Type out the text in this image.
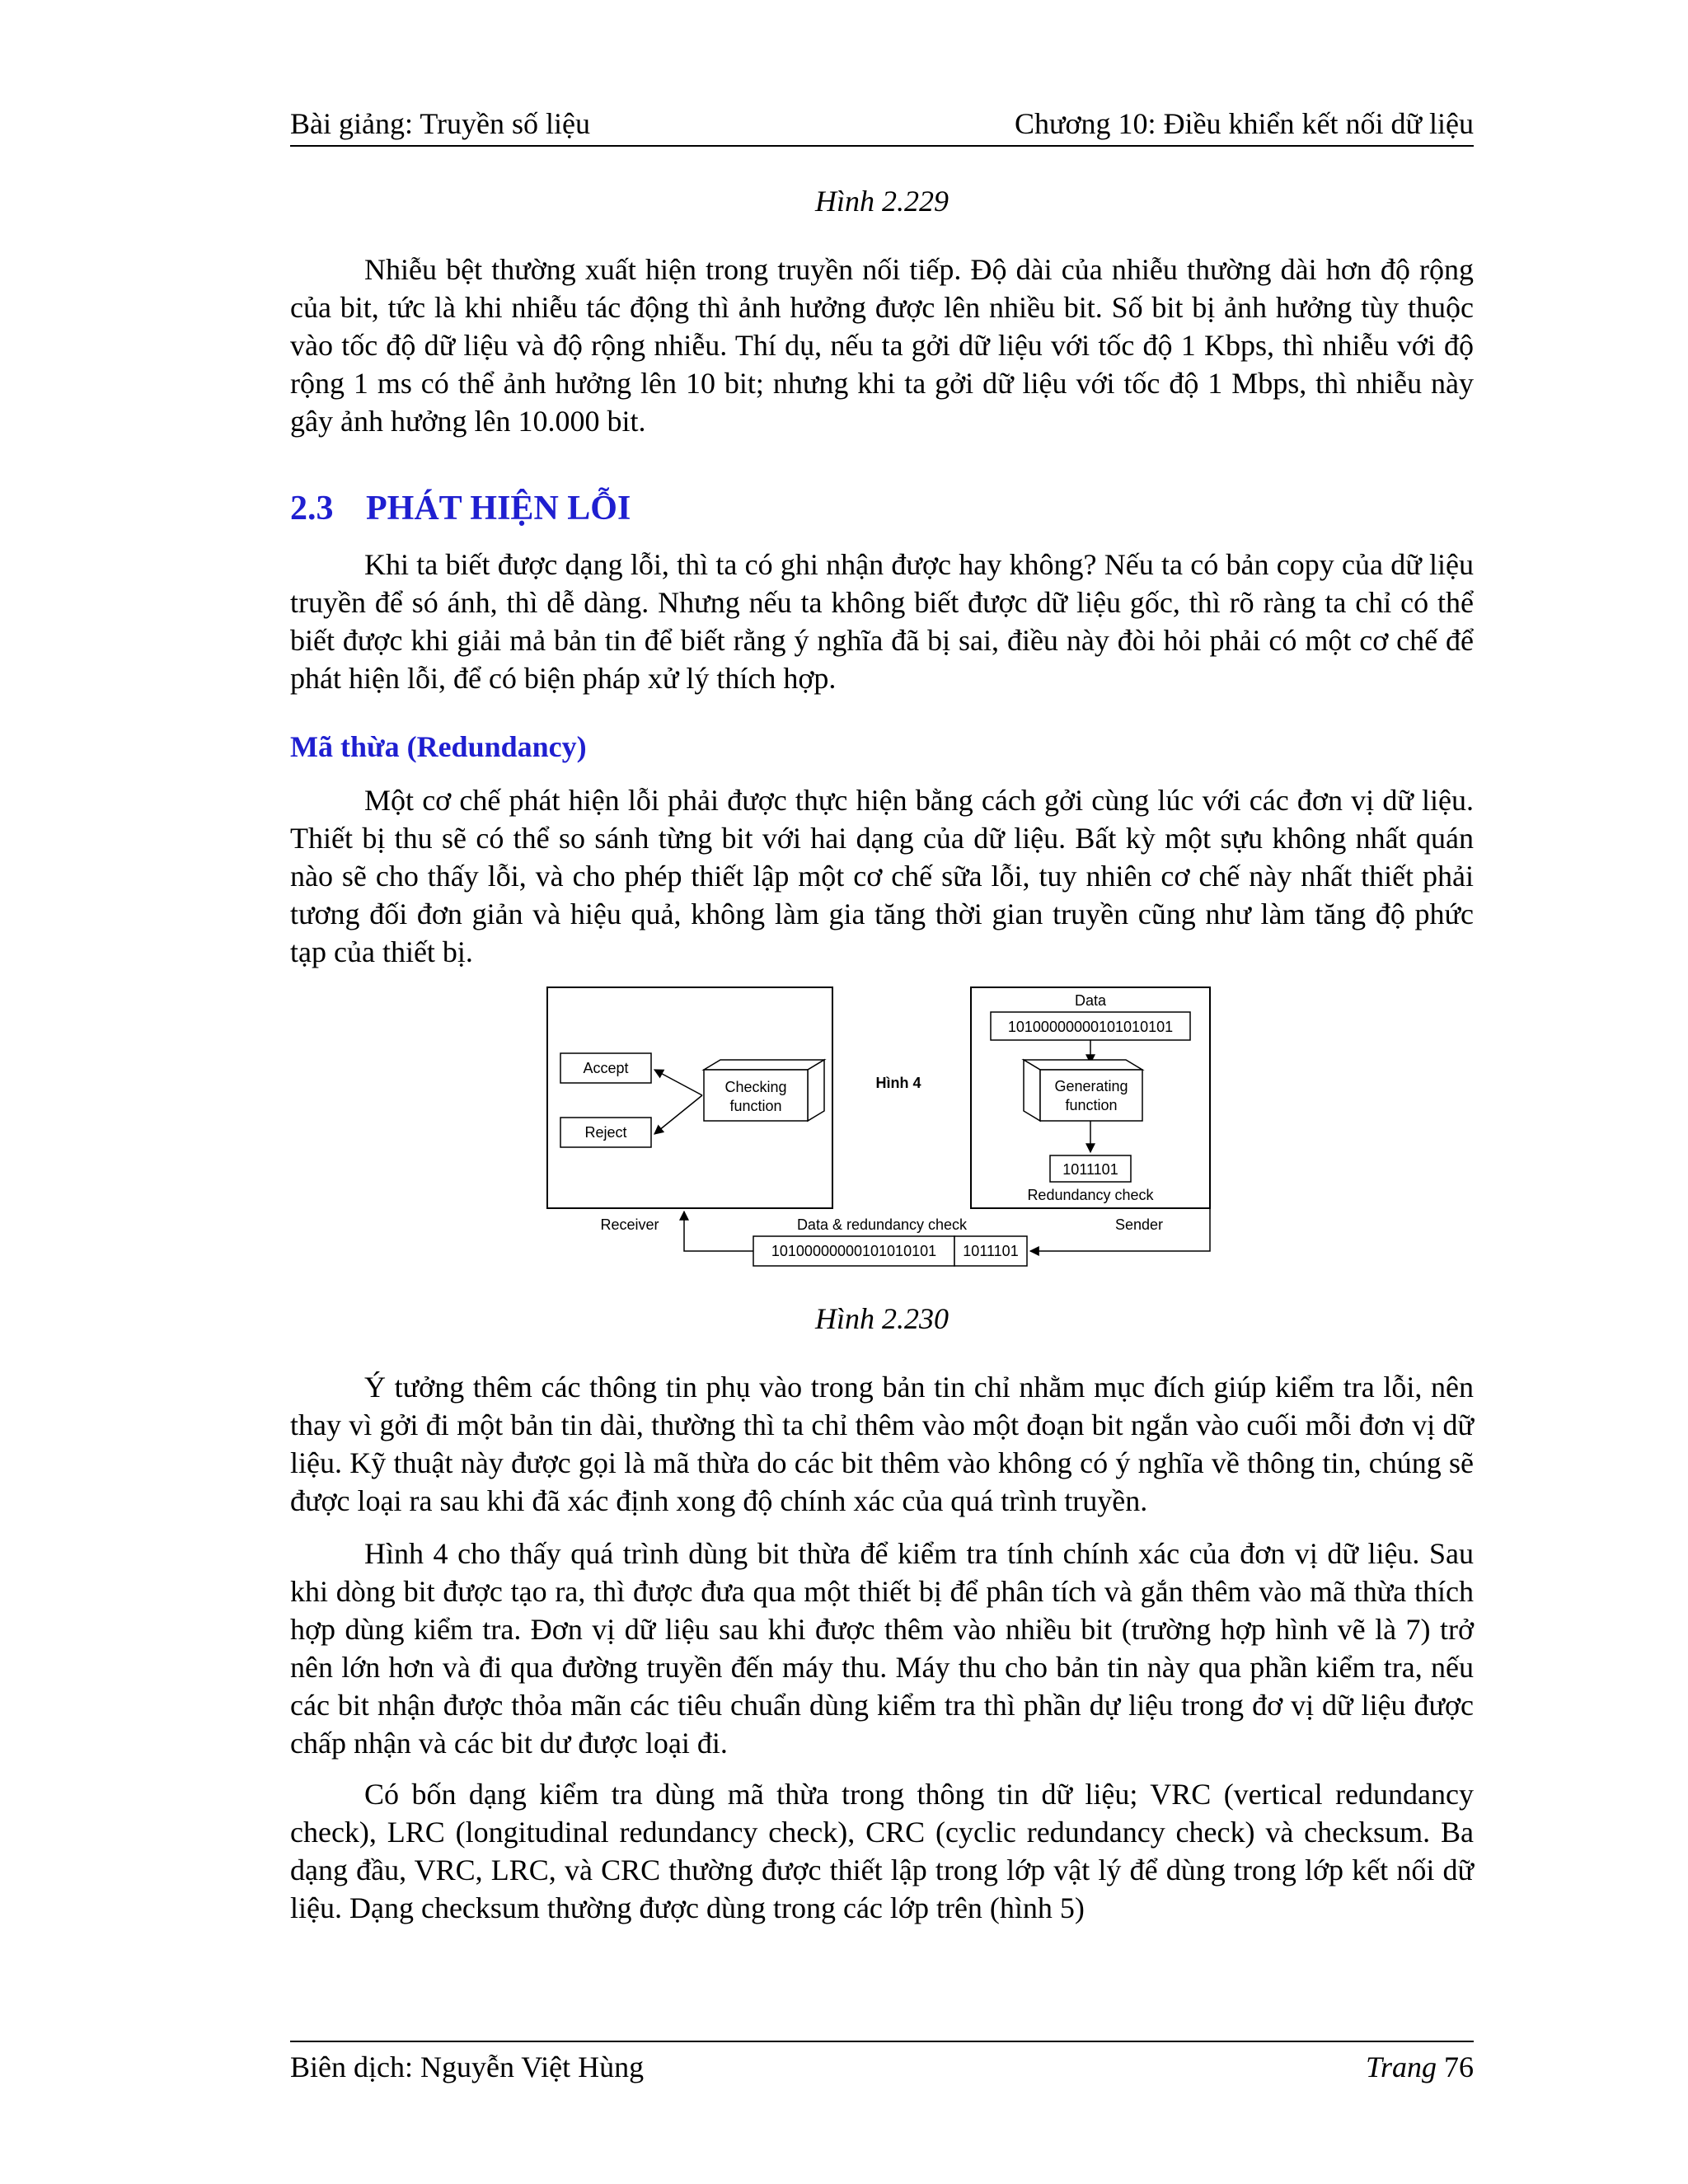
Bài giảng: Truyền số liệu	Chương 10: Điều khiển kết nối dữ liệu
Hình 2.229

Nhiễu bệt thường xuất hiện trong truyền nối tiếp. Độ dài của nhiễu thường dài hơn độ rộng của bit, tức là khi nhiễu tác động thì ảnh hưởng được lên nhiều bit. Số bit bị ảnh hưởng tùy thuộc vào tốc độ dữ liệu và độ rộng nhiễu. Thí dụ, nếu ta gởi dữ liệu với tốc độ 1 Kbps, thì nhiễu với độ rộng 1 ms có thể ảnh hưởng lên 10 bit; nhưng khi ta gởi dữ liệu với tốc độ 1 Mbps, thì nhiễu này gây ảnh hưởng lên 10.000 bit.

2.3 PHÁT HIỆN LỖI

Khi ta biết được dạng lỗi, thì ta có ghi nhận được hay không? Nếu ta có bản copy của dữ liệu truyền để só ánh, thì dễ dàng. Nhưng nếu ta không biết được dữ liệu gốc, thì rõ ràng ta chỉ có thể biết được khi giải mả bản tin để biết rằng ý nghĩa đã bị sai, điều này đòi hỏi phải có một cơ chế để phát hiện lỗi, để có biện pháp xử lý thích hợp.

Mã thừa (Redundancy)

Một cơ chế phát hiện lỗi phải được thực hiện bằng cách gởi cùng lúc với các đơn vị dữ liệu. Thiết bị thu sẽ có thể so sánh từng bit với hai dạng của dữ liệu. Bất kỳ một sựu không nhất quán nào sẽ cho thấy lỗi, và cho phép thiết lập một cơ chế sữa lỗi, tuy nhiên cơ chế này nhất thiết phải tương đối đơn giản và hiệu quả, không làm gia tăng thời gian truyền cũng như làm tăng độ phức tạp của thiết bị.

Accept
Reject
Checking
function
Hình 4
Data
10100000000101010101
Generating
function
1011101
Redundancy check
Receiver	Sender
Data & redundancy check
10100000000101010101 1011101
Hình 2.230

Ý tưởng thêm các thông tin phụ vào trong bản tin chỉ nhằm mục đích giúp kiểm tra lỗi, nên thay vì gởi đi một bản tin dài, thường thì ta chỉ thêm vào một đoạn bit ngắn vào cuối mỗi đơn vị dữ liệu. Kỹ thuật này được gọi là mã thừa do các bit thêm vào không có ý nghĩa về thông tin, chúng sẽ được loại ra sau khi đã xác định xong độ chính xác của quá trình truyền.

Hình 4 cho thấy quá trình dùng bit thừa để kiểm tra tính chính xác của đơn vị dữ liệu. Sau khi dòng bit được tạo ra, thì được đưa qua một thiết bị để phân tích và gắn thêm vào mã thừa thích hợp dùng kiểm tra. Đơn vị dữ liệu sau khi được thêm vào nhiều bit (trường hợp hình vẽ là 7) trở nên lớn hơn và đi qua đường truyền đến máy thu. Máy thu cho bản tin này qua phần kiểm tra, nếu các bit nhận được thỏa mãn các tiêu chuẩn dùng kiểm tra thì phần dự liệu trong đơ vị dữ liệu được chấp nhận và các bit dư được loại đi.

Có bốn dạng kiểm tra dùng mã thừa trong thông tin dữ liệu; VRC (vertical redundancy check), LRC (longitudinal redundancy check), CRC (cyclic redundancy check) và checksum. Ba dạng đầu, VRC, LRC, và CRC thường được thiết lập trong lớp vật lý để dùng trong lớp kết nối dữ liệu. Dạng checksum thường được dùng trong các lớp trên (hình 5)

Biên dịch: Nguyễn Việt Hùng	Trang 76
